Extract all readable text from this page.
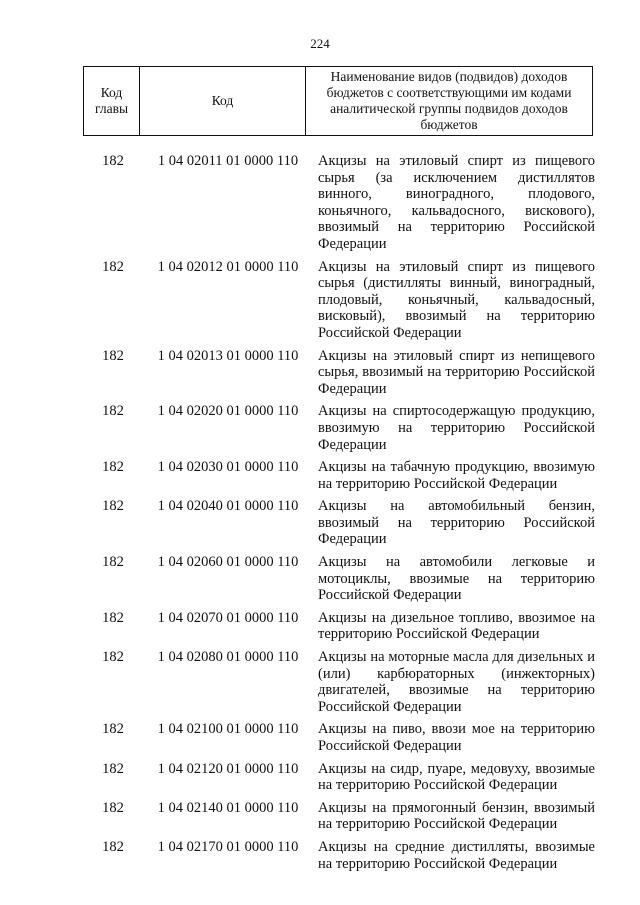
224
Код главы	Код	Наименование видов (подвидов) доходов бюджетов с соответствующими им кодами аналитической группы подвидов доходов бюджетов
182	1 04 02011 01 0000 110	Акцизы на этиловый спирт из пищевого сырья (за исключением дистиллятов винного, виноградного, плодового, коньячного, кальвадосного, вискового), ввозимый на территорию Российской Федерации
182	1 04 02012 01 0000 110	Акцизы на этиловый спирт из пищевого сырья (дистилляты винный, виноградный, плодовый, коньячный, кальвадосный, висковый), ввозимый на территорию Российской Федерации
182	1 04 02013 01 0000 110	Акцизы на этиловый спирт из непищевого сырья, ввозимый на территорию Российской Федерации
182	1 04 02020 01 0000 110	Акцизы на спиртосодержащую продукцию, ввозимую на территорию Российской Федерации
182	1 04 02030 01 0000 110	Акцизы на табачную продукцию, ввозимую на территорию Российской Федерации
182	1 04 02040 01 0000 110	Акцизы на автомобильный бензин, ввозимый на территорию Российской Федерации
182	1 04 02060 01 0000 110	Акцизы на автомобили легковые и мотоциклы, ввозимые на территорию Российской Федерации
182	1 04 02070 01 0000 110	Акцизы на дизельное топливо, ввозимое на территорию Российской Федерации
182	1 04 02080 01 0000 110	Акцизы на моторные масла для дизельных и (или) карбюраторных (инжекторных) двигателей, ввозимые на территорию Российской Федерации
182	1 04 02100 01 0000 110	Акцизы на пиво, ввози мое на территорию Российской Федерации
182	1 04 02120 01 0000 110	Акцизы на сидр, пуаре, медовуху, ввозимые на территорию Российской Федерации
182	1 04 02140 01 0000 110	Акцизы на прямогонный бензин, ввозимый на территорию Российской Федерации
182	1 04 02170 01 0000 110	Акцизы на средние дистилляты, ввозимые на территорию Российской Федерации
